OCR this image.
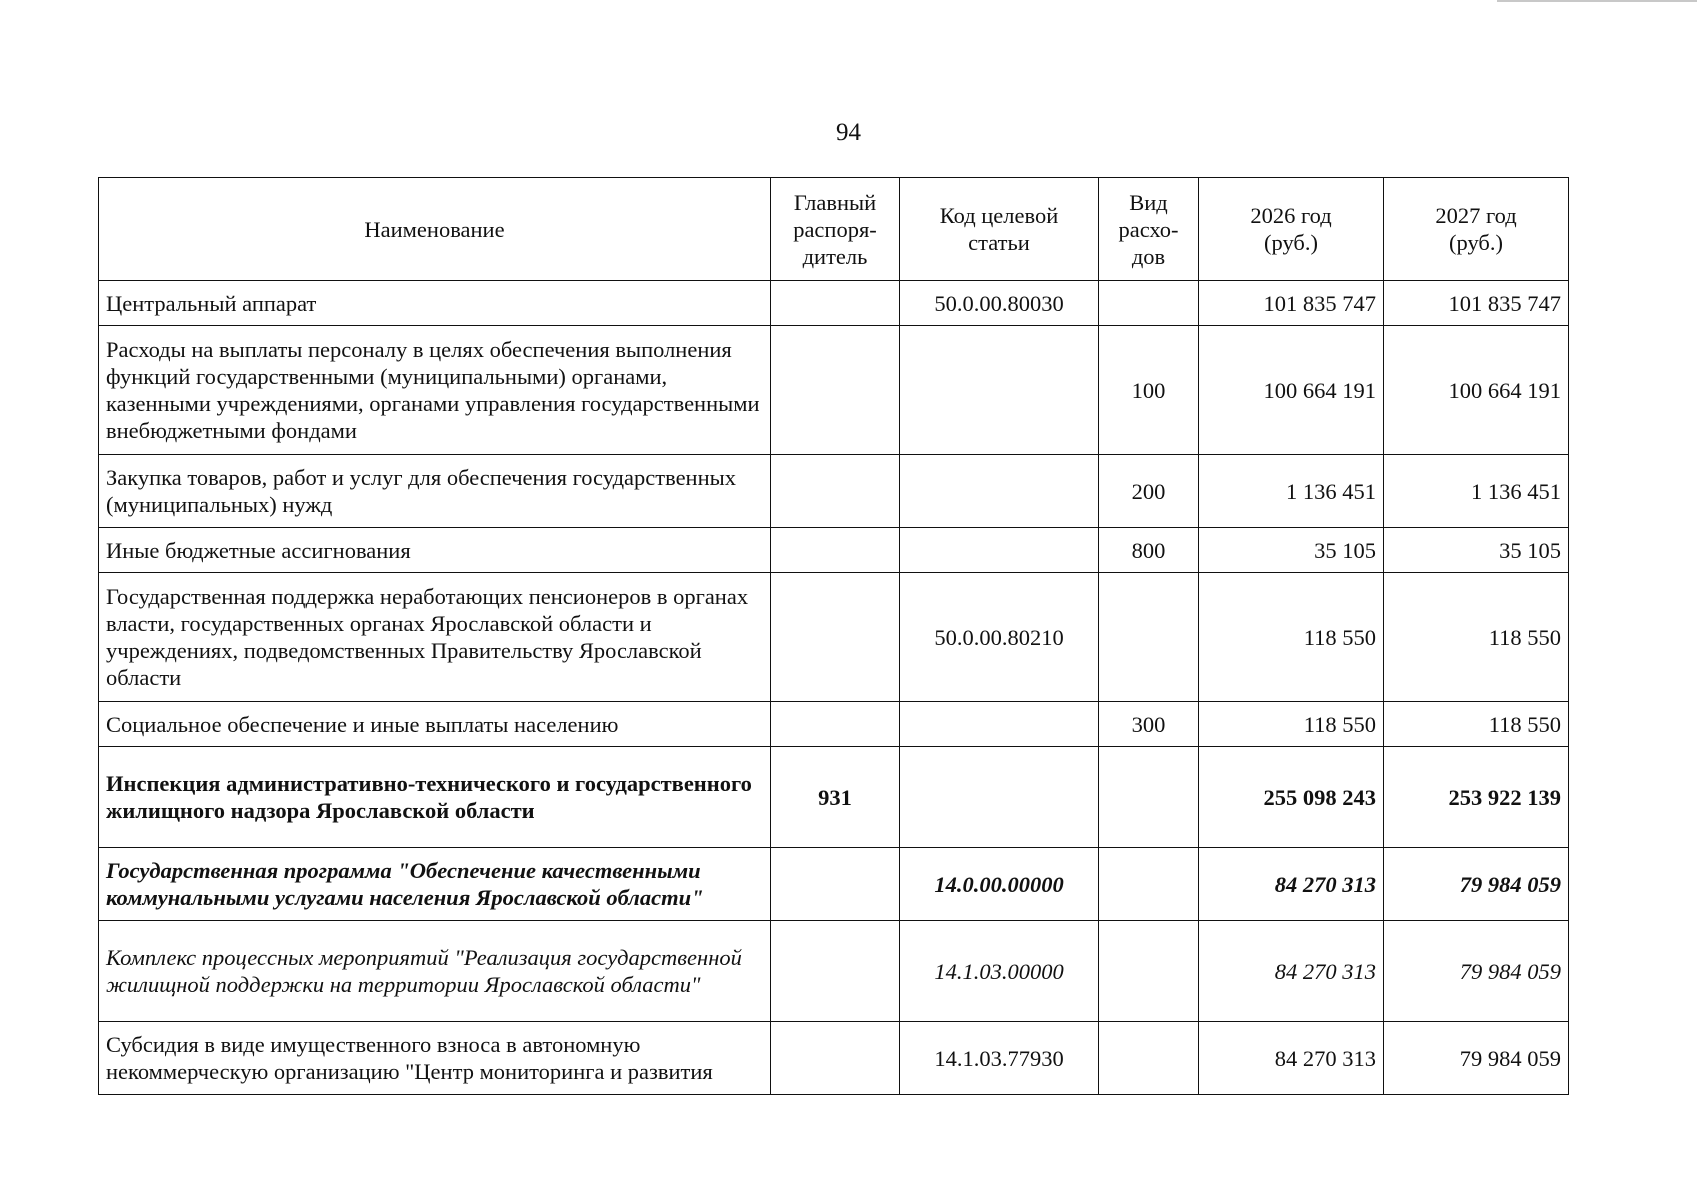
94
Наименование	Главный распоря-дитель	Код целевой статьи	Вид расхо-дов	2026 год (руб.)	2027 год (руб.)

Центральный аппарат		50.0.00.80030		101 835 747	101 835 747
Расходы на выплаты персоналу в целях обеспечения выполнения функций государственными (муниципальными) органами, казенными учреждениями, органами управления государственными внебюджетными фондами			100	100 664 191	100 664 191
Закупка товаров, работ и услуг для обеспечения государственных (муниципальных) нужд			200	1 136 451	1 136 451
Иные бюджетные ассигнования			800	35 105	35 105
Государственная поддержка неработающих пенсионеров в органах власти, государственных органах Ярославской области и учреждениях, подведомственных Правительству Ярославской области		50.0.00.80210		118 550	118 550
Социальное обеспечение и иные выплаты населению			300	118 550	118 550
Инспекция административно-технического и государственного жилищного надзора Ярославской области	931			255 098 243	253 922 139
Государственная программа "Обеспечение качественными коммунальными услугами населения Ярославской области"		14.0.00.00000		84 270 313	79 984 059
Комплекс процессных мероприятий "Реализация государственной жилищной поддержки на территории Ярославской области"		14.1.03.00000		84 270 313	79 984 059
Субсидия в виде имущественного взноса в автономную некоммерческую организацию "Центр мониторинга и развития		14.1.03.77930		84 270 313	79 984 059
